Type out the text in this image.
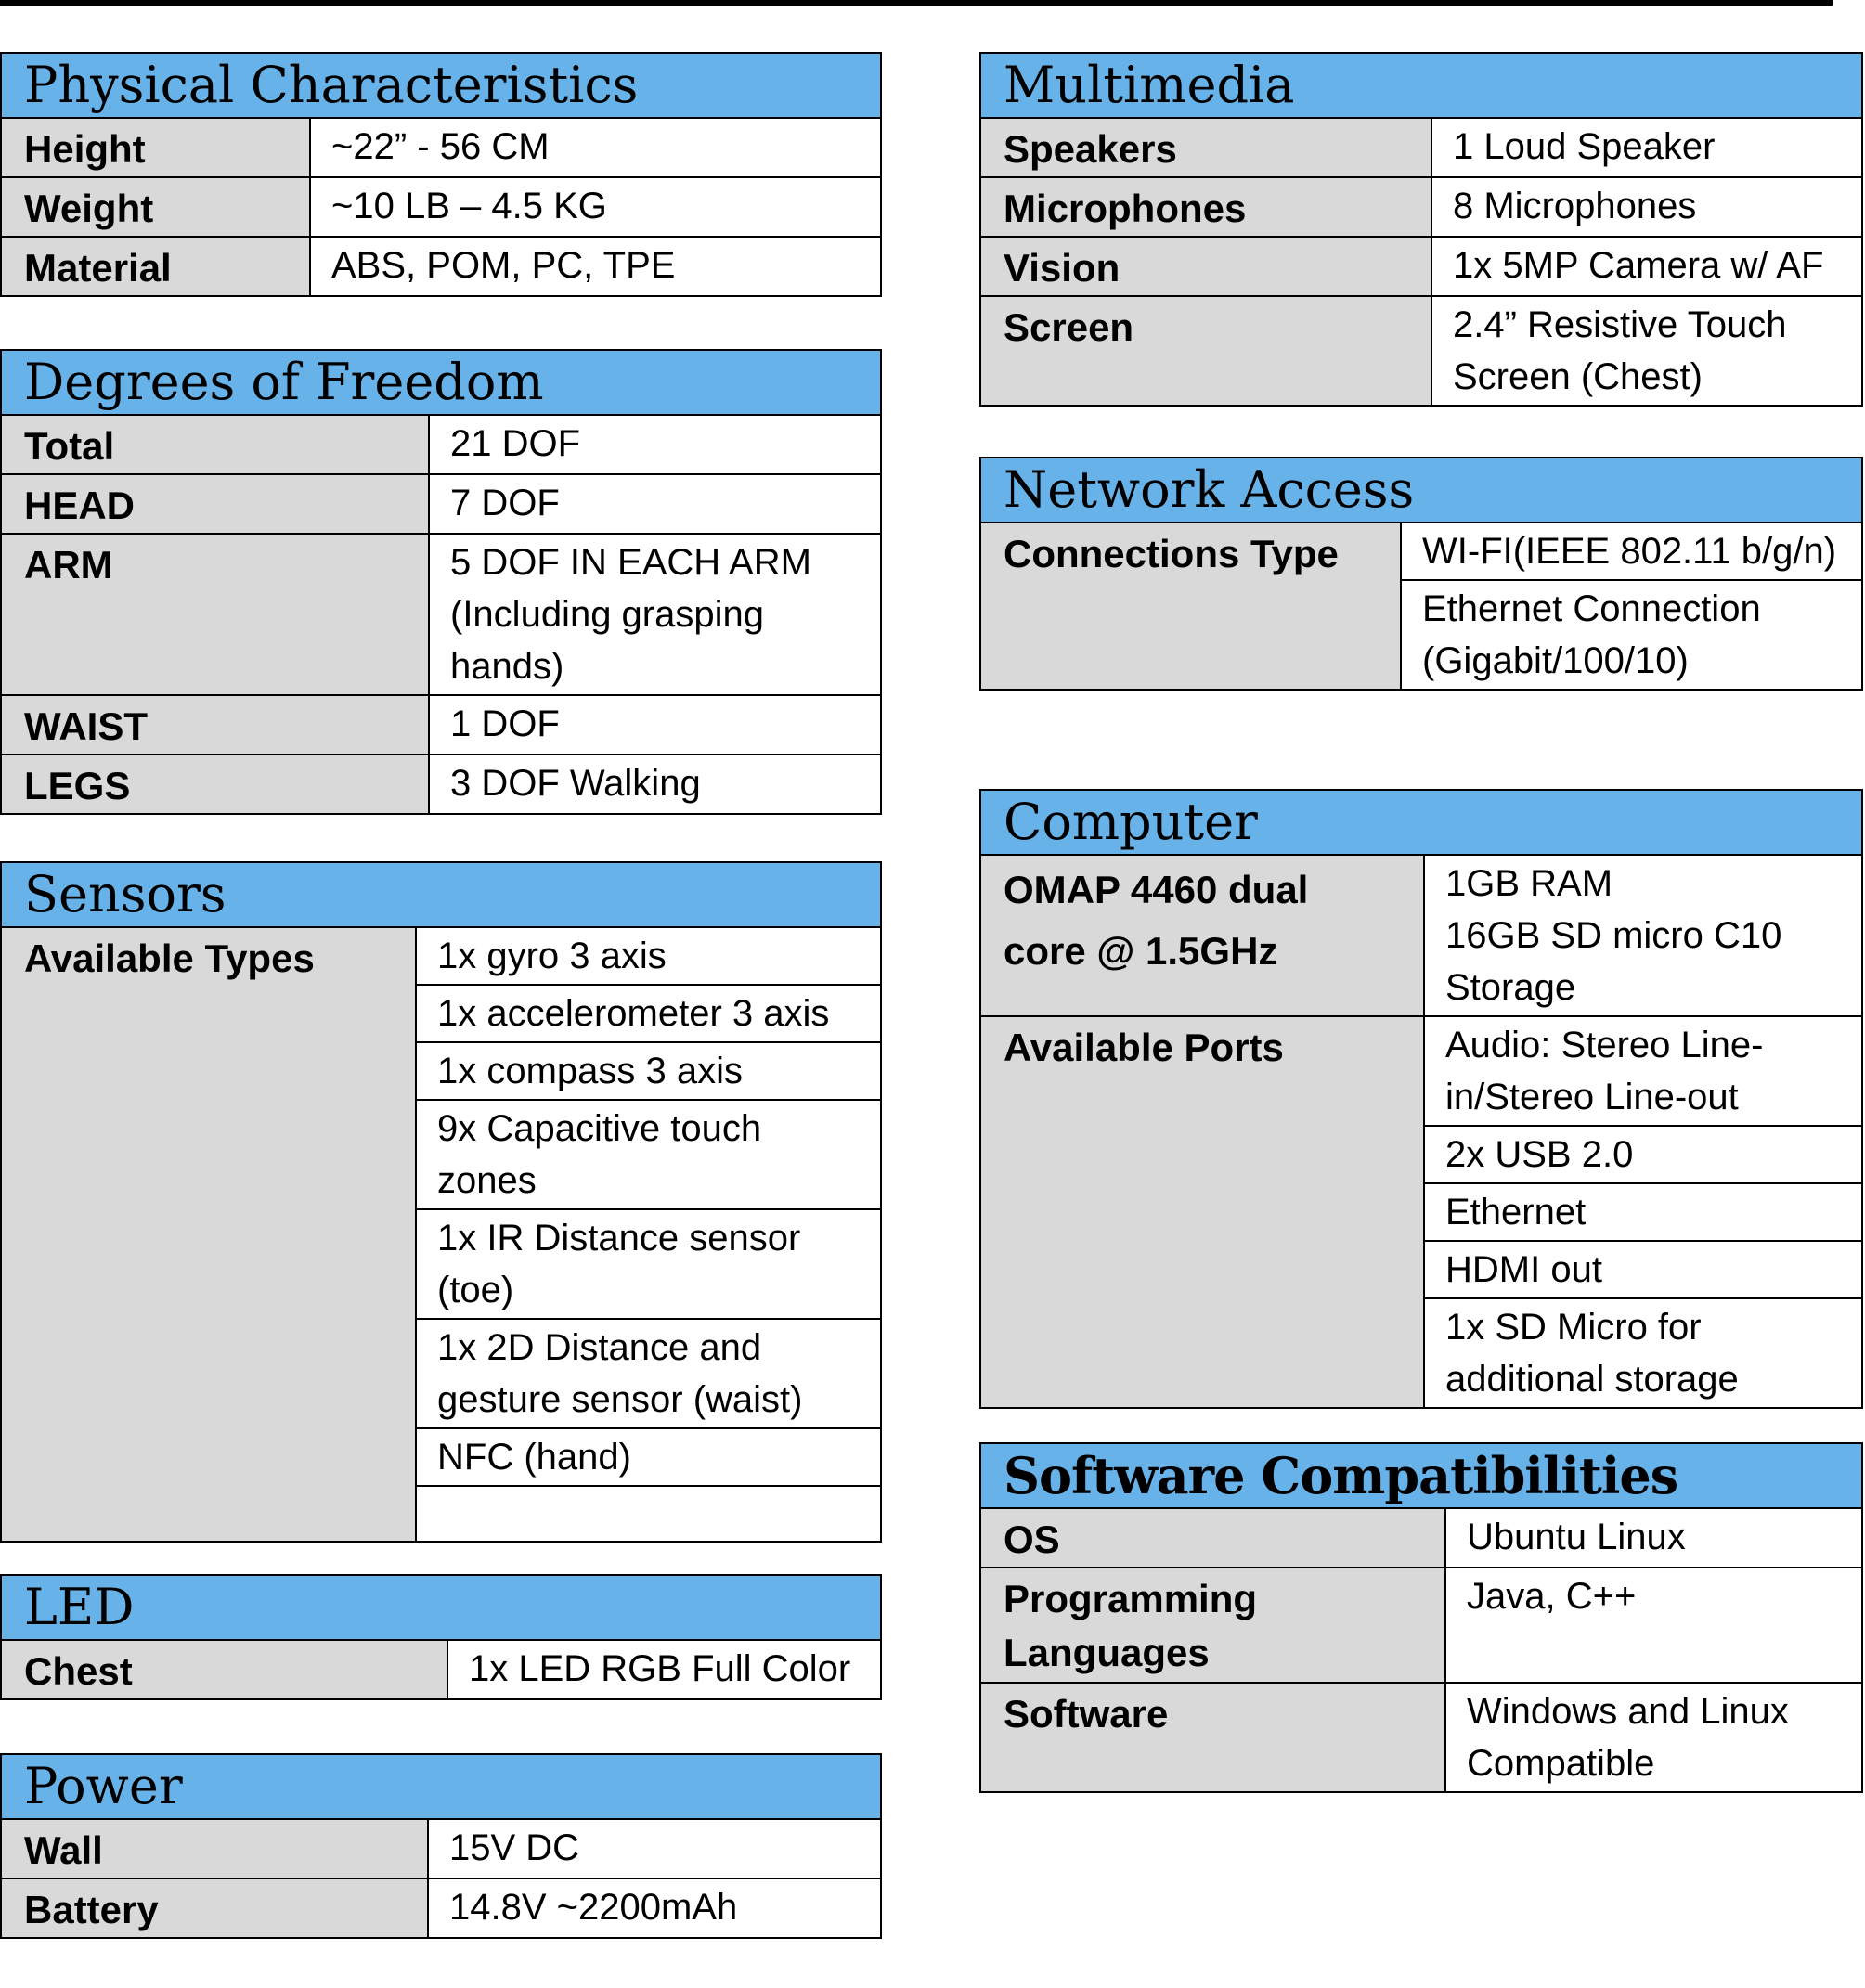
Physical Characteristics	
Height	~22” - 56 CM
Weight	~10 LB – 4.5 KG
Material	ABS, POM, PC, TPE
Degrees of Freedom	
Total	21 DOF
HEAD	7 DOF
ARM	5 DOF IN EACH ARM (Including grasping hands)
WAIST	1 DOF
LEGS	3 DOF Walking
Sensors
Available Types	1x gyro 3 axis
1x accelerometer 3 axis
1x compass 3 axis
9x Capacitive touch zones
1x IR Distance sensor (toe)
1x 2D Distance and gesture sensor (waist)
NFC (hand)

LED
Chest	1x LED RGB Full Color
Power	
Wall	15V DC
Battery	14.8V ~2200mAh
Multimedia	
Speakers	1 Loud Speaker
Microphones	8 Microphones
Vision	1x 5MP Camera w/ AF
Screen	2.4” Resistive Touch Screen (Chest)
Network Access
Connections Type	WI-FI(IEEE 802.11 b/g/n)
Ethernet Connection (Gigabit/100/10)
Computer	
OMAP 4460 dual core @ 1.5GHz	1GB RAM
16GB SD micro C10 Storage

Available Ports	Audio: Stereo Line-in/Stereo Line-out
	2x USB 2.0
	Ethernet
	HDMI out
	1x SD Micro for additional storage
Software Compatibilities	
OS	Ubuntu Linux
Programming Languages	Java, C++
Software	Windows and Linux Compatible
